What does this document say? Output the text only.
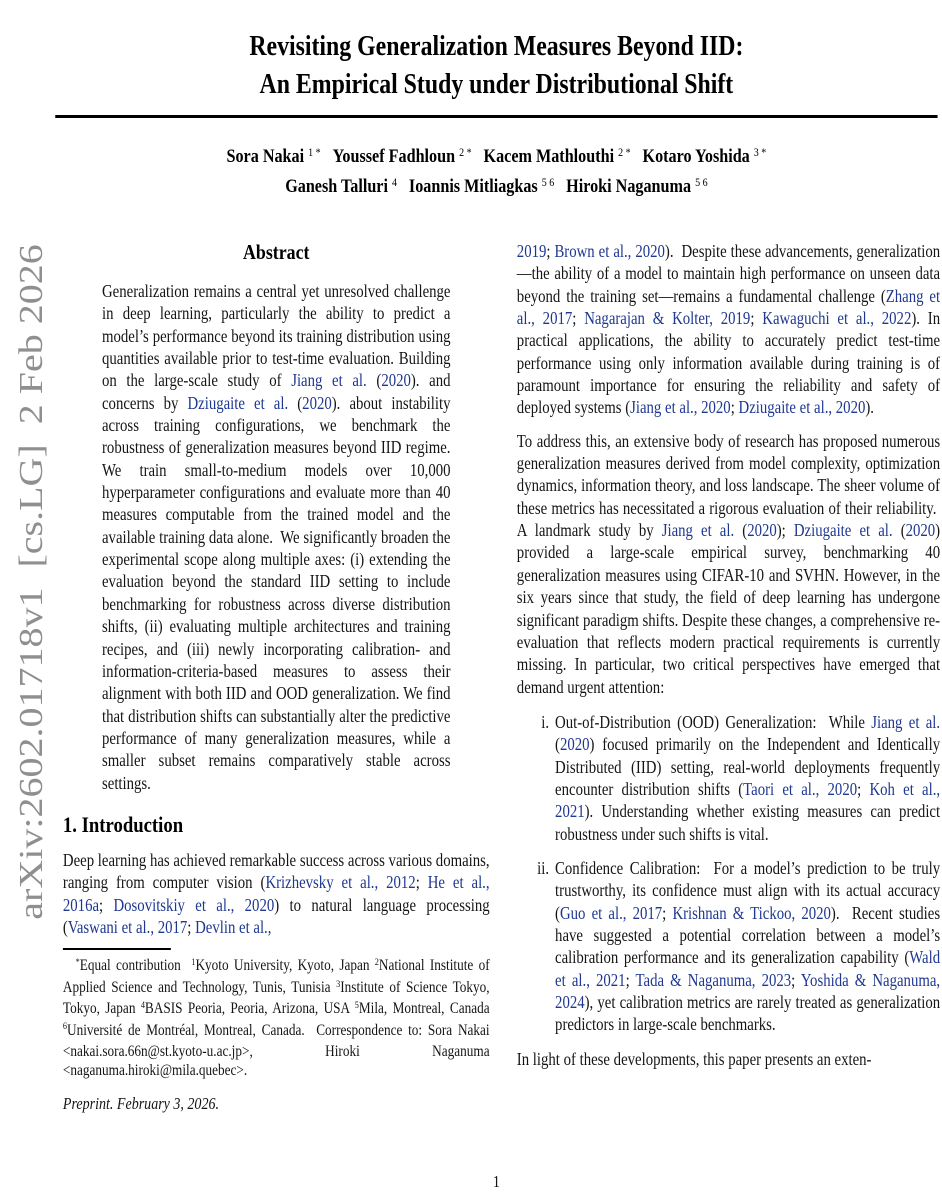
arXiv:2602.01718v1  [cs.LG]  2 Feb 2026
Revisiting Generalization Measures Beyond IID:
An Empirical Study under Distributional Shift
Sora Nakai $^{1 *}$ Youssef Fadhloun $^{2 *}$ Kacem Mathlouthi $^{2 *}$ Kotaro Yoshida $^{3 *}$
Ganesh Talluri $^4$ Ioannis Mitliagkas $^{5 6}$ Hiroki Naganuma $^{5 6}$
Abstract
Generalization remains a central yet unresolved challenge in deep learning, particularly the ability to predict a model’s performance beyond its training distribution using quantities available prior to test-time evaluation. Building on the large-scale study of Jiang et al. (2020). and concerns by Dziugaite et al. (2020). about instability across training configurations, we benchmark the robustness of generalization measures beyond IID regime. We train small-to-medium models over 10,000 hyperparameter configurations and evaluate more than 40 measures computable from the trained model and the available training data alone.  We significantly broaden the experimental scope along multiple axes: (i) extending the evaluation beyond the standard IID setting to include benchmarking for robustness across diverse distribution shifts, (ii) evaluating multiple architectures and training recipes, and (iii) newly incorporating calibration- and information-criteria-based measures to assess their alignment with both IID and OOD generalization. We find that distribution shifts can substantially alter the predictive performance of many generalization measures, while a smaller subset remains comparatively stable across settings.
1. Introduction
Deep learning has achieved remarkable success across various domains, ranging from computer vision (Krizhevsky et al., 2012; He et al., 2016a; Dosovitskiy et al., 2020) to natural language processing (Vaswani et al., 2017; Devlin et al.,
*Equal contribution  $^1$Kyoto University, Kyoto, Japan $^2$National Institute of Applied Science and Technology, Tunis, Tunisia $^3$Institute of Science Tokyo, Tokyo, Japan $^4$BASIS Peoria, Peoria, Arizona, USA $^5$Mila, Montreal, Canada $^6$Université de Montréal, Montreal, Canada.  Correspondence to: Sora Nakai <nakai.sora.66n@st.kyoto-u.ac.jp>, Hiroki Naganuma <naganuma.hiroki@mila.quebec>.
Preprint. February 3, 2026.
2019; Brown et al., 2020).  Despite these advancements, generalization—the ability of a model to maintain high performance on unseen data beyond the training set—remains a fundamental challenge (Zhang et al., 2017; Nagarajan & Kolter, 2019; Kawaguchi et al., 2022). In practical applications, the ability to accurately predict test-time performance using only information available during training is of paramount importance for ensuring the reliability and safety of deployed systems (Jiang et al., 2020; Dziugaite et al., 2020).
To address this, an extensive body of research has proposed numerous generalization measures derived from model complexity, optimization dynamics, information theory, and loss landscape. The sheer volume of these metrics has necessitated a rigorous evaluation of their reliability.  A landmark study by Jiang et al. (2020); Dziugaite et al. (2020) provided a large-scale empirical survey, benchmarking 40 generalization measures using CIFAR-10 and SVHN. However, in the six years since that study, the field of deep learning has undergone significant paradigm shifts. Despite these changes, a comprehensive re-evaluation that reflects modern practical requirements is currently missing. In particular, two critical perspectives have emerged that demand urgent attention:
i. Out-of-Distribution (OOD) Generalization:  While Jiang et al. (2020) focused primarily on the Independent and Identically Distributed (IID) setting, real-world deployments frequently encounter distribution shifts (Taori et al., 2020; Koh et al., 2021). Understanding whether existing measures can predict robustness under such shifts is vital.
ii. Confidence Calibration:  For a model’s prediction to be truly trustworthy, its confidence must align with its actual accuracy (Guo et al., 2017; Krishnan & Tickoo, 2020).  Recent studies have suggested a potential correlation between a model’s calibration performance and its generalization capability (Wald et al., 2021; Tada & Naganuma, 2023; Yoshida & Naganuma, 2024), yet calibration metrics are rarely treated as generalization predictors in large-scale benchmarks.
In light of these developments, this paper presents an exten-
1
